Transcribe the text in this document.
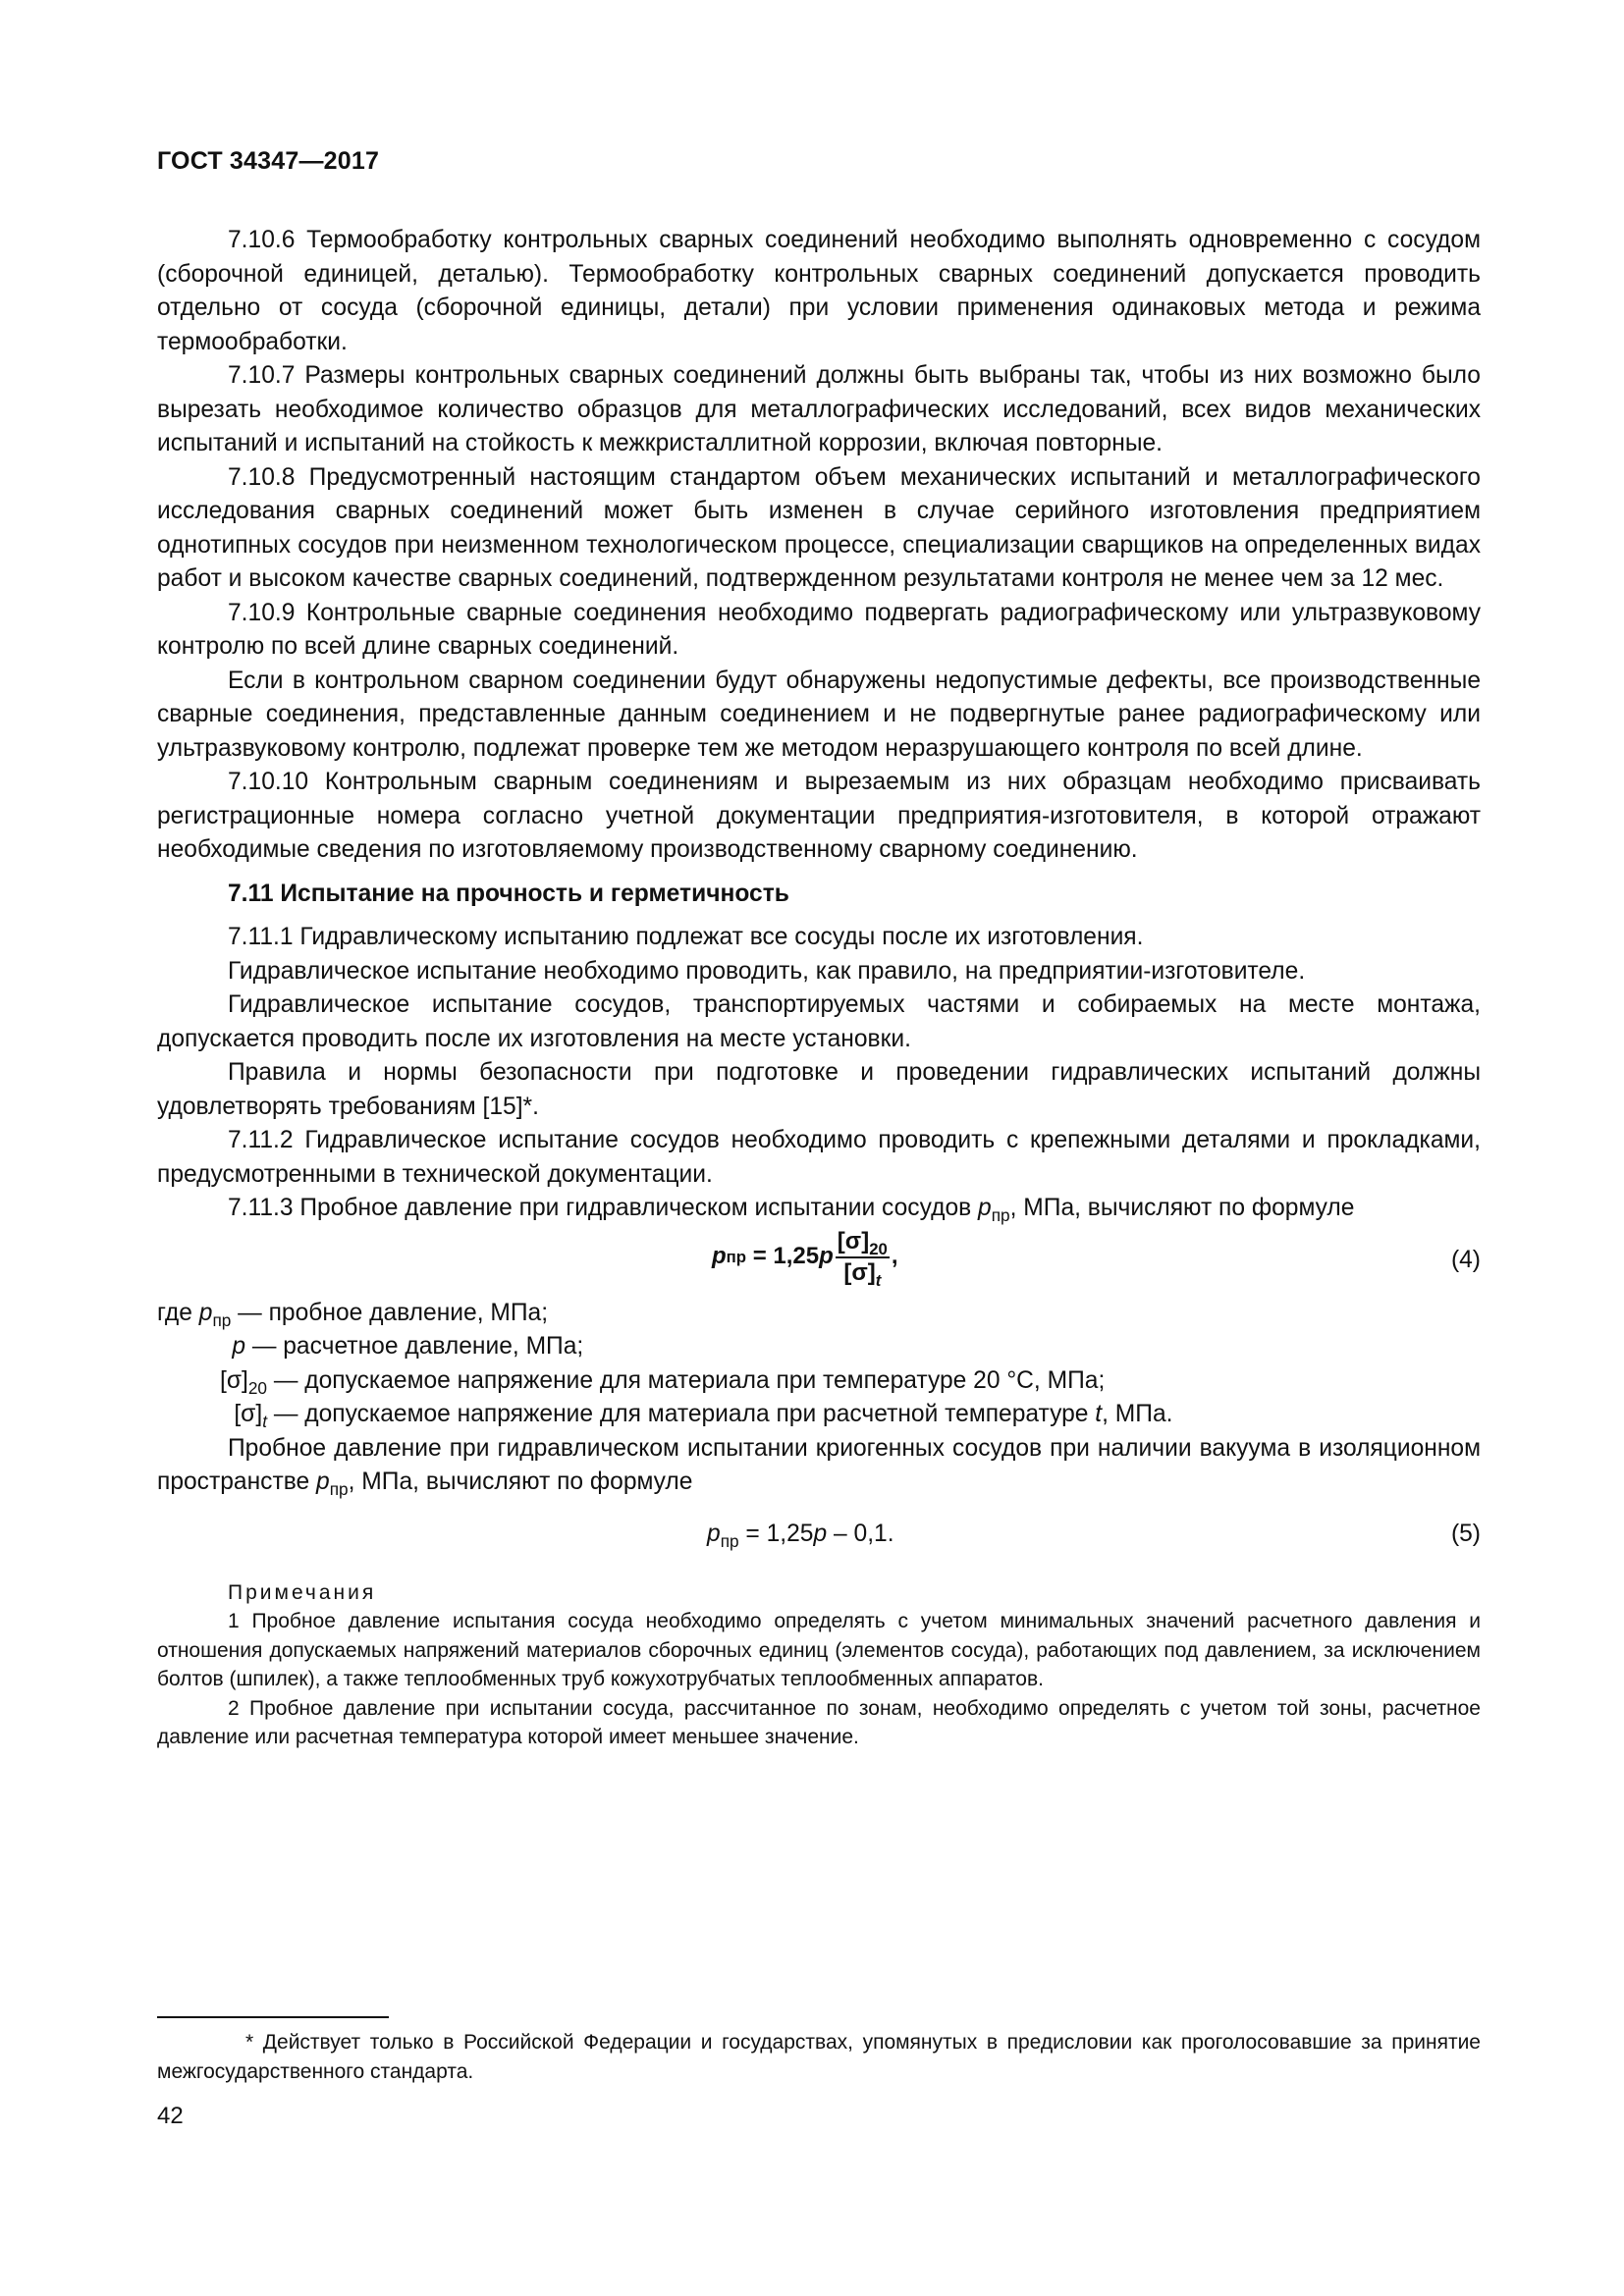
ГОСТ 34347—2017

7.10.6 Термообработку контрольных сварных соединений необходимо выполнять одновременно с сосудом (сборочной единицей, деталью). Термообработку контрольных сварных соединений допускается проводить отдельно от сосуда (сборочной единицы, детали) при условии применения одинаковых метода и режима термообработки.

7.10.7 Размеры контрольных сварных соединений должны быть выбраны так, чтобы из них возможно было вырезать необходимое количество образцов для металлографических исследований, всех видов механических испытаний и испытаний на стойкость к межкристаллитной коррозии, включая повторные.

7.10.8 Предусмотренный настоящим стандартом объем механических испытаний и металлографического исследования сварных соединений может быть изменен в случае серийного изготовления предприятием однотипных сосудов при неизменном технологическом процессе, специализации сварщиков на определенных видах работ и высоком качестве сварных соединений, подтвержденном результатами контроля не менее чем за 12 мес.

7.10.9 Контрольные сварные соединения необходимо подвергать радиографическому или ультразвуковому контролю по всей длине сварных соединений.

Если в контрольном сварном соединении будут обнаружены недопустимые дефекты, все производственные сварные соединения, представленные данным соединением и не подвергнутые ранее радиографическому или ультразвуковому контролю, подлежат проверке тем же методом неразрушающего контроля по всей длине.

7.10.10 Контрольным сварным соединениям и вырезаемым из них образцам необходимо присваивать регистрационные номера согласно учетной документации предприятия-изготовителя, в которой отражают необходимые сведения по изготовляемому производственному сварному соединению.

7.11 Испытание на прочность и герметичность

7.11.1 Гидравлическому испытанию подлежат все сосуды после их изготовления.

Гидравлическое испытание необходимо проводить, как правило, на предприятии-изготовителе.

Гидравлическое испытание сосудов, транспортируемых частями и собираемых на месте монтажа, допускается проводить после их изготовления на месте установки.

Правила и нормы безопасности при подготовке и проведении гидравлических испытаний должны удовлетворять требованиям [15]*.

7.11.2 Гидравлическое испытание сосудов необходимо проводить с крепежными деталями и прокладками, предусмотренными в технической документации.

7.11.3 Пробное давление при гидравлическом испытании сосудов $p_{пр}$, МПа, вычисляют по формуле

p пр = 1,25 p $\frac{[\sigma]_{20}}{[\sigma]_t}$ ,	(4)
где
$p_{пр}$ — пробное давление, МПа;
p — расчетное давление, МПа;
$[\sigma]_{20}$ — допускаемое напряжение для материала при температуре 20 °С, МПа;
$[\sigma]_t$ — допускаемое напряжение для материала при расчетной температуре t, МПа.

Пробное давление при гидравлическом испытании криогенных сосудов при наличии вакуума в изоляционном пространстве $p_{пр}$, МПа, вычисляют по формуле

$p_{пр} = 1,25p - 0,1$.	(5)
Примечания

1 Пробное давление испытания сосуда необходимо определять с учетом минимальных значений расчетного давления и отношения допускаемых напряжений материалов сборочных единиц (элементов сосуда), работающих под давлением, за исключением болтов (шпилек), а также теплообменных труб кожухотрубчатых теплообменных аппаратов.

2 Пробное давление при испытании сосуда, рассчитанное по зонам, необходимо определять с учетом той зоны, расчетное давление или расчетная температура которой имеет меньшее значение.

* Действует только в Российской Федерации и государствах, упомянутых в предисловии как проголосовавшие за принятие межгосударственного стандарта.

42
